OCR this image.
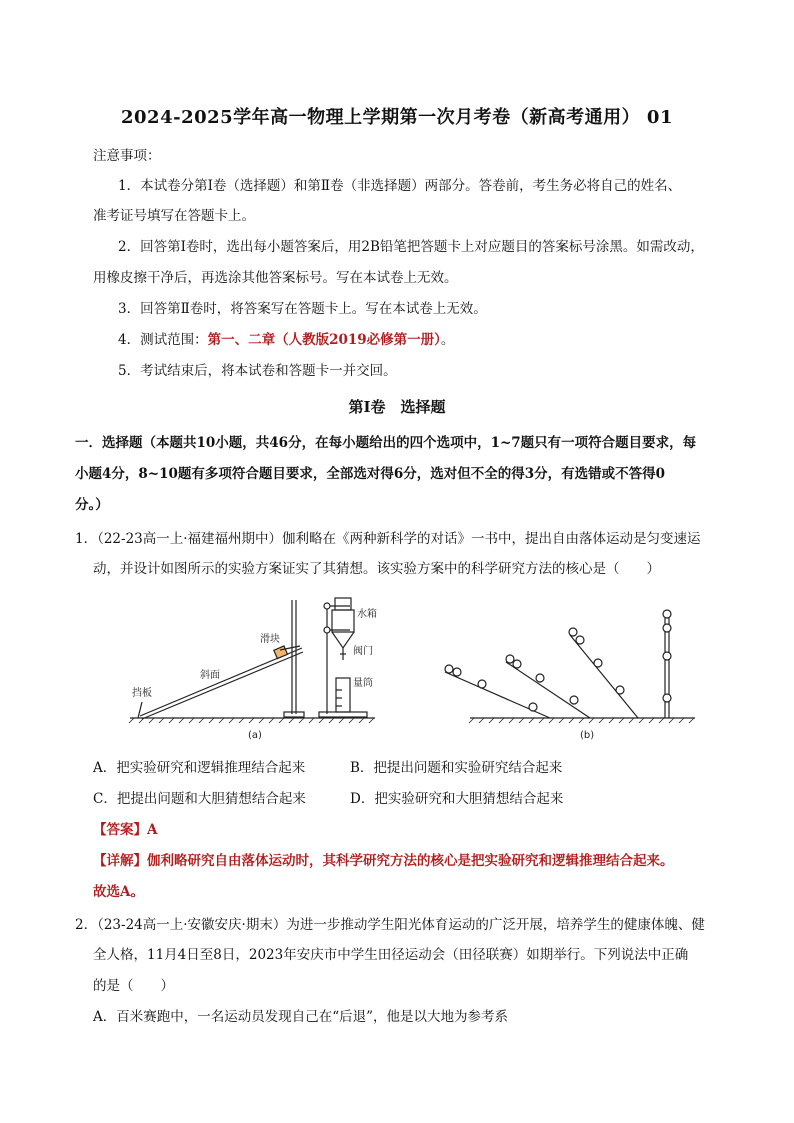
2024-2025学年高一物理上学期第一次月考卷（新高考通用） 01
注意事项：
1．本试卷分第Ⅰ卷（选择题）和第Ⅱ卷（非选择题）两部分。答卷前，考生务必将自己的姓名、
准考证号填写在答题卡上。
2．回答第Ⅰ卷时，选出每小题答案后，用2B铅笔把答题卡上对应题目的答案标号涂黑。如需改动，
用橡皮擦干净后，再选涂其他答案标号。写在本试卷上无效。
3．回答第Ⅱ卷时，将答案写在答题卡上。写在本试卷上无效。
4．测试范围：第一、二章（人教版2019必修第一册）。
5．考试结束后，将本试卷和答题卡一并交回。
第Ⅰ卷　选择题
一．选择题（本题共10小题，共46分，在每小题给出的四个选项中，1~7题只有一项符合题目要求，每
小题4分，8~10题有多项符合题目要求，全部选对得6分，选对但不全的得3分，有选错或不答得0
分。）
1．（22-23高一上·福建福州期中）伽利略在《两种新科学的对话》一书中，提出自由落体运动是匀变速运
动，并设计如图所示的实验方案证实了其猜想。该实验方案中的科学研究方法的核心是（　　）
滑块
斜面
挡板
水箱
阀门
量筒
(a)	(b)
A．把实验研究和逻辑推理结合起来	B．把提出问题和实验研究结合起来
C．把提出问题和大胆猜想结合起来	D．把实验研究和大胆猜想结合起来
【答案】A
【详解】伽利略研究自由落体运动时，其科学研究方法的核心是把实验研究和逻辑推理结合起来。
故选A。
2．（23-24高一上·安徽安庆·期末）为进一步推动学生阳光体育运动的广泛开展，培养学生的健康体魄、健
全人格，11月4日至8日，2023年安庆市中学生田径运动会（田径联赛）如期举行。下列说法中正确
的是（　　）
A．百米赛跑中，一名运动员发现自己在“后退”，他是以大地为参考系
